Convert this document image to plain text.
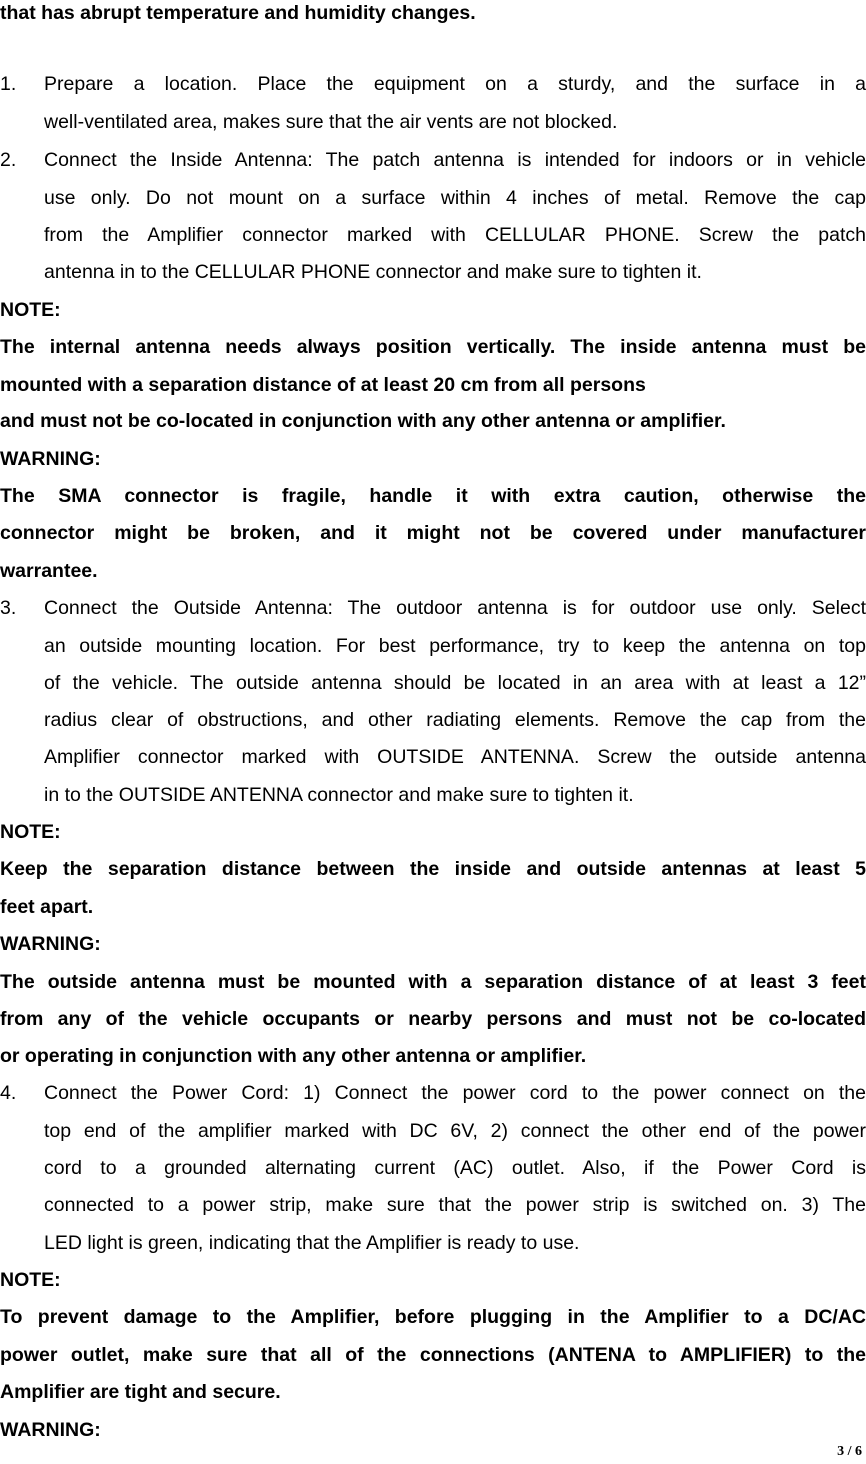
that has abrupt temperature and humidity changes.

1. Prepare a location. Place the equipment on a sturdy, and the surface in a

well-ventilated area, makes sure that the air vents are not blocked.

2. Connect the Inside Antenna: The patch antenna is intended for indoors or in vehicle

use only. Do not mount on a surface within 4 inches of metal. Remove the cap

from the Amplifier connector marked with CELLULAR PHONE. Screw the patch

antenna in to the CELLULAR PHONE connector and make sure to tighten it.

NOTE:

The internal antenna needs always position vertically. The inside antenna must be

mounted with a separation distance of at least 20 cm from all persons

and must not be co-located in conjunction with any other antenna or amplifier.

WARNING:

The SMA connector is fragile, handle it with extra caution, otherwise the

connector might be broken, and it might not be covered under manufacturer

warrantee.

3. Connect the Outside Antenna: The outdoor antenna is for outdoor use only. Select

an outside mounting location. For best performance, try to keep the antenna on top

of the vehicle. The outside antenna should be located in an area with at least a 12”

radius clear of obstructions, and other radiating elements. Remove the cap from the

Amplifier connector marked with OUTSIDE ANTENNA. Screw the outside antenna

in to the OUTSIDE ANTENNA connector and make sure to tighten it.

NOTE:

Keep the separation distance between the inside and outside antennas at least 5

feet apart.

WARNING:

The outside antenna must be mounted with a separation distance of at least 3 feet

from any of the vehicle occupants or nearby persons and must not be co-located

or operating in conjunction with any other antenna or amplifier.

4. Connect the Power Cord: 1) Connect the power cord to the power connect on the

top end of the amplifier marked with DC 6V, 2) connect the other end of the power

cord to a grounded alternating current (AC) outlet. Also, if the Power Cord is

connected to a power strip, make sure that the power strip is switched on. 3) The

LED light is green, indicating that the Amplifier is ready to use.

NOTE:

To prevent damage to the Amplifier, before plugging in the Amplifier to a DC/AC

power outlet, make sure that all of the connections (ANTENA to AMPLIFIER) to the

Amplifier are tight and secure.

WARNING:

3 / 6
